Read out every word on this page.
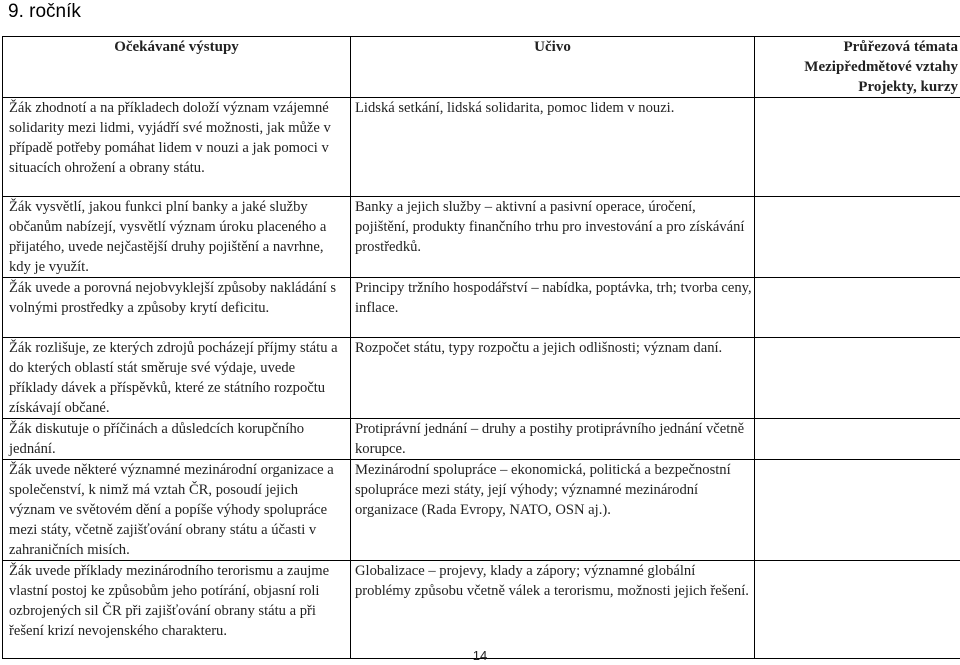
9. ročník
Očekávané výstupy	Učivo	Průřezová témata
Mezipředmětové vztahy
Projekty, kurzy

Žák zhodnotí a na příkladech doloží význam vzájemné solidarity mezi lidmi, vyjádří své možnosti, jak může v případě potřeby pomáhat lidem v nouzi a jak pomoci v situacích ohrožení a obrany státu.	Lidská setkání, lidská solidarita, pomoc lidem v nouzi.	
Žák vysvětlí, jakou funkci plní banky a jaké služby občanům nabízejí, vysvětlí význam úroku placeného a přijatého, uvede nejčastější druhy pojištění a navrhne, kdy je využít.	Banky a jejich služby – aktivní a pasivní operace, úročení, pojištění, produkty finančního trhu pro investování a pro získávání prostředků.	
Žák uvede a porovná nejobvyklejší způsoby nakládání s volnými prostředky a způsoby krytí deficitu.	Principy tržního hospodářství – nabídka, poptávka, trh; tvorba ceny, inflace.	
Žák rozlišuje, ze kterých zdrojů pocházejí příjmy státu a do kterých oblastí stát směruje své výdaje, uvede příklady dávek a příspěvků, které ze státního rozpočtu získávají občané.	Rozpočet státu, typy rozpočtu a jejich odlišnosti; význam daní.	
Žák diskutuje o příčinách a důsledcích korupčního jednání.	Protiprávní jednání – druhy a postihy protiprávního jednání včetně korupce.	
Žák uvede některé významné mezinárodní organizace a společenství, k nimž má vztah ČR, posoudí jejich význam ve světovém dění a popíše výhody spolupráce mezi státy, včetně zajišťování obrany státu a účasti v zahraničních misích.	Mezinárodní spolupráce – ekonomická, politická a bezpečnostní spolupráce mezi státy, její výhody; významné mezinárodní organizace (Rada Evropy, NATO, OSN aj.).	
Žák uvede příklady mezinárodního terorismu a zaujme vlastní postoj ke způsobům jeho potírání, objasní roli ozbrojených sil ČR při zajišťování obrany státu a při řešení krizí nevojenského charakteru.	Globalizace – projevy, klady a zápory; významné globální problémy způsobu včetně válek a terorismu, možnosti jejich řešení.	
14
